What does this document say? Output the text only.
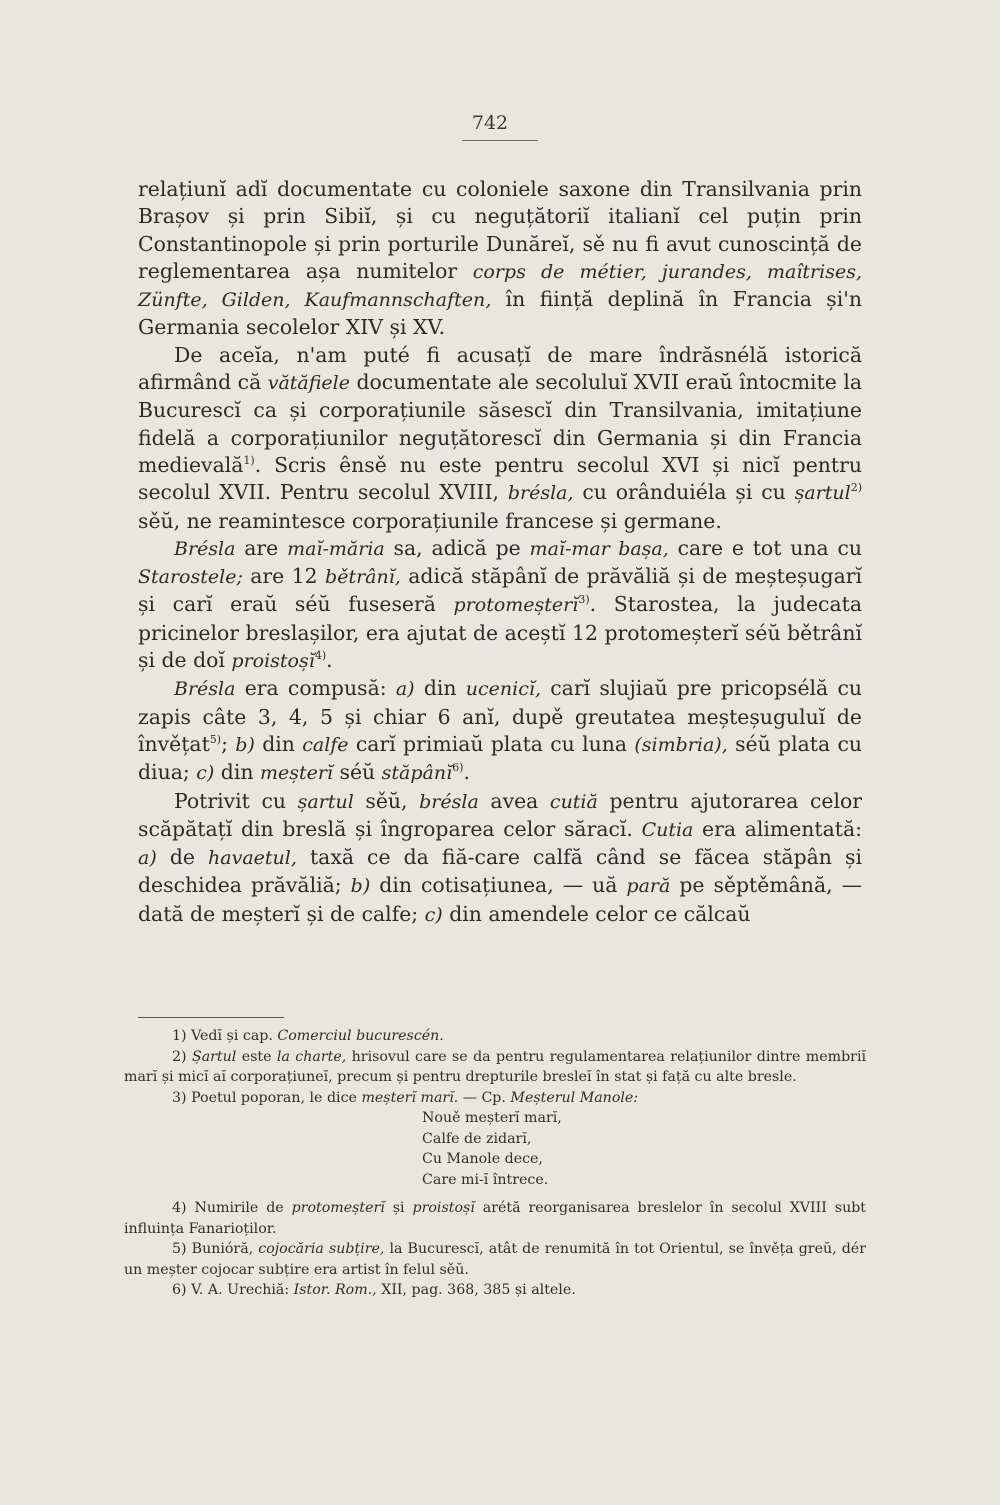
742

relațiunĭ adĭ documentate cu coloniele saxone din Transilvania prin Brașov și prin Sibiĭ, și cu neguțătoriĭ italianĭ cel puțin prin Constantinopole și prin porturile Dunăreĭ, sě nu fi avut cunoscință de reglementarea așa numitelor corps de métier, jurandes, maîtrises, Zünfte, Gilden, Kaufmannschaften, în ființă deplină în Francia și'n Germania secolelor XIV și XV.

De aceĭa, n'am puté fi acusațĭ de mare îndrăsnélă istorică afirmând că vătăfiele documentate ale secoluluĭ XVII eraŭ întocmite la Bucurescĭ ca și corporațiunile săsescĭ din Transilvania, imitațiune fidelă a corporațiunilor neguțătorescĭ din Germania și din Francia medievală$^{1)}$. Scris ênsě nu este pentru secolul XVI și nicĭ pentru secolul XVII. Pentru secolul XVIII, brésla, cu orânduiéla și cu șartul$^{2)}$ sěŭ, ne reamintesce corporațiunile francese și germane.

Brésla are maĭ-măria sa, adică pe maĭ-mar bașa, care e tot una cu Starostele; are 12 bětrânĭ, adică stăpânĭ de prăvăliă și de meșteșugarĭ și carĭ eraŭ séŭ fuseseră protomeșterĭ$^{3)}$. Starostea, la judecata pricinelor breslașilor, era ajutat de aceștĭ 12 protomeșterĭ séŭ bětrânĭ și de doĭ proistoșĭ$^{4)}$.

Brésla era compusă: a) din ucenicĭ, carĭ slujiaŭ pre pricopsélă cu zapis câte 3, 4, 5 și chiar 6 anĭ, dupě greutatea meșteșuguluĭ de învěțat$^{5)}$; b) din calfe carĭ primiaŭ plata cu luna (simbria), séŭ plata cu diua; c) din meșterĭ séŭ stăpânĭ$^{6)}$.

Potrivit cu șartul sěŭ, brésla avea cutiă pentru ajutorarea celor scăpătațĭ din breslă și îngroparea celor săracĭ. Cutia era alimentată: a) de havaetul, taxă ce da fiă-care calfă când se făcea stăpân și deschidea prăvăliă; b) din cotisațiunea, — uă pară pe sěptěmână, — dată de meșterĭ și de calfe; c) din amendele celor ce călcaŭ

1) Vedĭ și cap. Comerciul bucurescén.

2) Șartul este la charte, hrisovul care se da pentru regulamentarea relațiunilor dintre membriĭ marĭ și micĭ aĭ corporațiuneĭ, precum și pentru drepturile bresleĭ în stat și față cu alte bresle.

3) Poetul poporan, le dice meșterĭ marĭ. — Cp. Meșterul Manole:

Nouě meșterĭ marĭ,
Calfe de zidarĭ,
Cu Manole dece,
Care mi-ĭ întrece.

4) Numirile de protomeșterĭ și proistoșĭ arétă reorganisarea breslelor în secolul XVIII subt influința Fanarioților.

5) Bunióră, cojocăria subțire, la Bucurescĭ, atât de renumită în tot Orientul, se învěța greŭ, dér un meșter cojocar subțire era artist în felul sěŭ.

6) V. A. Urechiă: Istor. Rom., XII, pag. 368, 385 și altele.
